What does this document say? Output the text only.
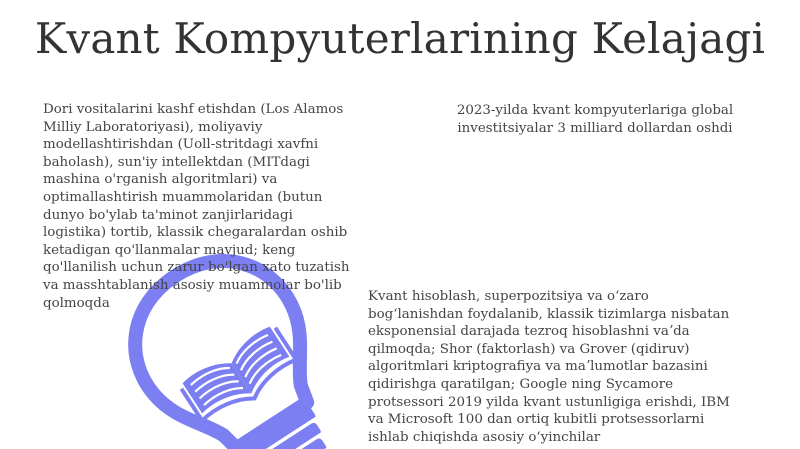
Kvant Kompyuterlarining Kelajagi

Dori vositalarini kashf etishdan (Los Alamos Milliy Laboratoriyasi), moliyaviy modellashtirishdan (Uoll-stritdagi xavfni baholash), sun'iy intellektdan (MITdagi mashina o'rganish algoritmlari) va optimallashtirish muammolaridan (butun dunyo bo'ylab ta'minot zanjirlaridagi logistika) tortib, klassik chegaralardan oshib ketadigan qo'llanmalar mavjud; keng qo'llanilish uchun zarur bo'lgan xato tuzatish va masshtablanish asosiy muammolar bo'lib qolmoqda

2023-yilda kvant kompyuterlariga global investitsiyalar 3 milliard dollardan oshdi

Kvant hisoblash, superpozitsiya va oʻzaro bogʻlanishdan foydalanib, klassik tizimlarga nisbatan eksponensial darajada tezroq hisoblashni vaʼda qilmoqda; Shor (faktorlash) va Grover (qidiruv) algoritmlari kriptografiya va maʼlumotlar bazasini qidirishga qaratilgan; Google ning Sycamore protsessori 2019 yilda kvant ustunligiga erishdi, IBM va Microsoft 100 dan ortiq kubitli protsessorlarni ishlab chiqishda asosiy oʻyinchilar
